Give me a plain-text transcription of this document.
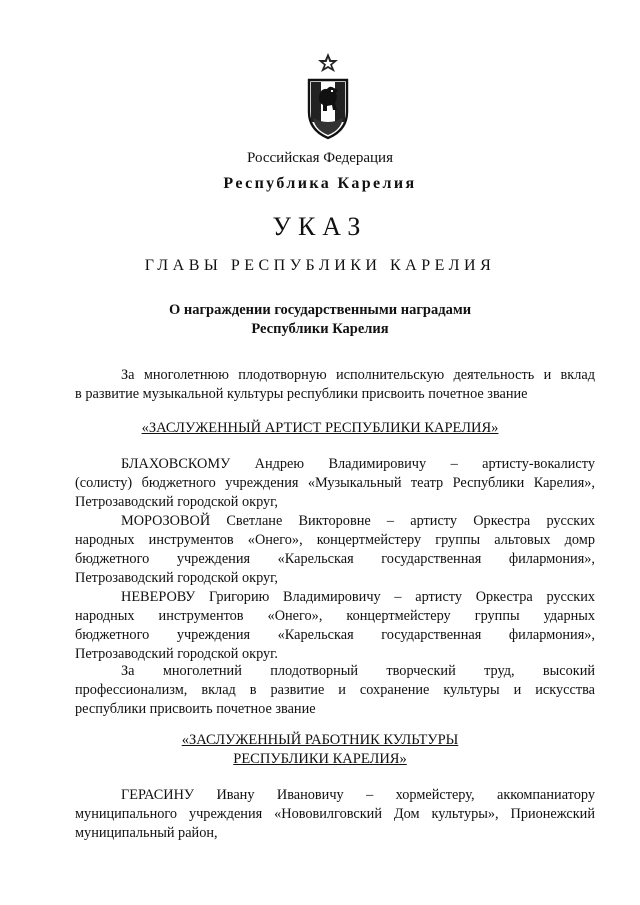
Российская Федерация
Республика Карелия
УКАЗ
ГЛАВЫ РЕСПУБЛИКИ КАРЕЛИЯ
О награждении государственными наградами
Республики Карелия
За многолетнюю плодотворную исполнительскую деятельность и вклад
в развитие музыкальной культуры республики присвоить почетное звание
«ЗАСЛУЖЕННЫЙ АРТИСТ РЕСПУБЛИКИ КАРЕЛИЯ»
БЛАХОВСКОМУ Андрею Владимировичу – артисту-вокалисту
(солисту) бюджетного учреждения «Музыкальный театр Республики Карелия»,
Петрозаводский городской округ,
МОРОЗОВОЙ Светлане Викторовне – артисту Оркестра русских
народных инструментов «Онего», концертмейстеру группы альтовых домр
бюджетного учреждения «Карельская государственная филармония»,
Петрозаводский городской округ,
НЕВЕРОВУ Григорию Владимировичу – артисту Оркестра русских
народных инструментов «Онего», концертмейстеру группы ударных
бюджетного учреждения «Карельская государственная филармония»,
Петрозаводский городской округ.
За многолетний плодотворный творческий труд, высокий
профессионализм, вклад в развитие и сохранение культуры и искусства
республики присвоить почетное звание
«ЗАСЛУЖЕННЫЙ РАБОТНИК КУЛЬТУРЫ
РЕСПУБЛИКИ КАРЕЛИЯ»
ГЕРАСИНУ Ивану Ивановичу – хормейстеру, аккомпаниатору
муниципального учреждения «Нововилговский Дом культуры», Прионежский
муниципальный район,
